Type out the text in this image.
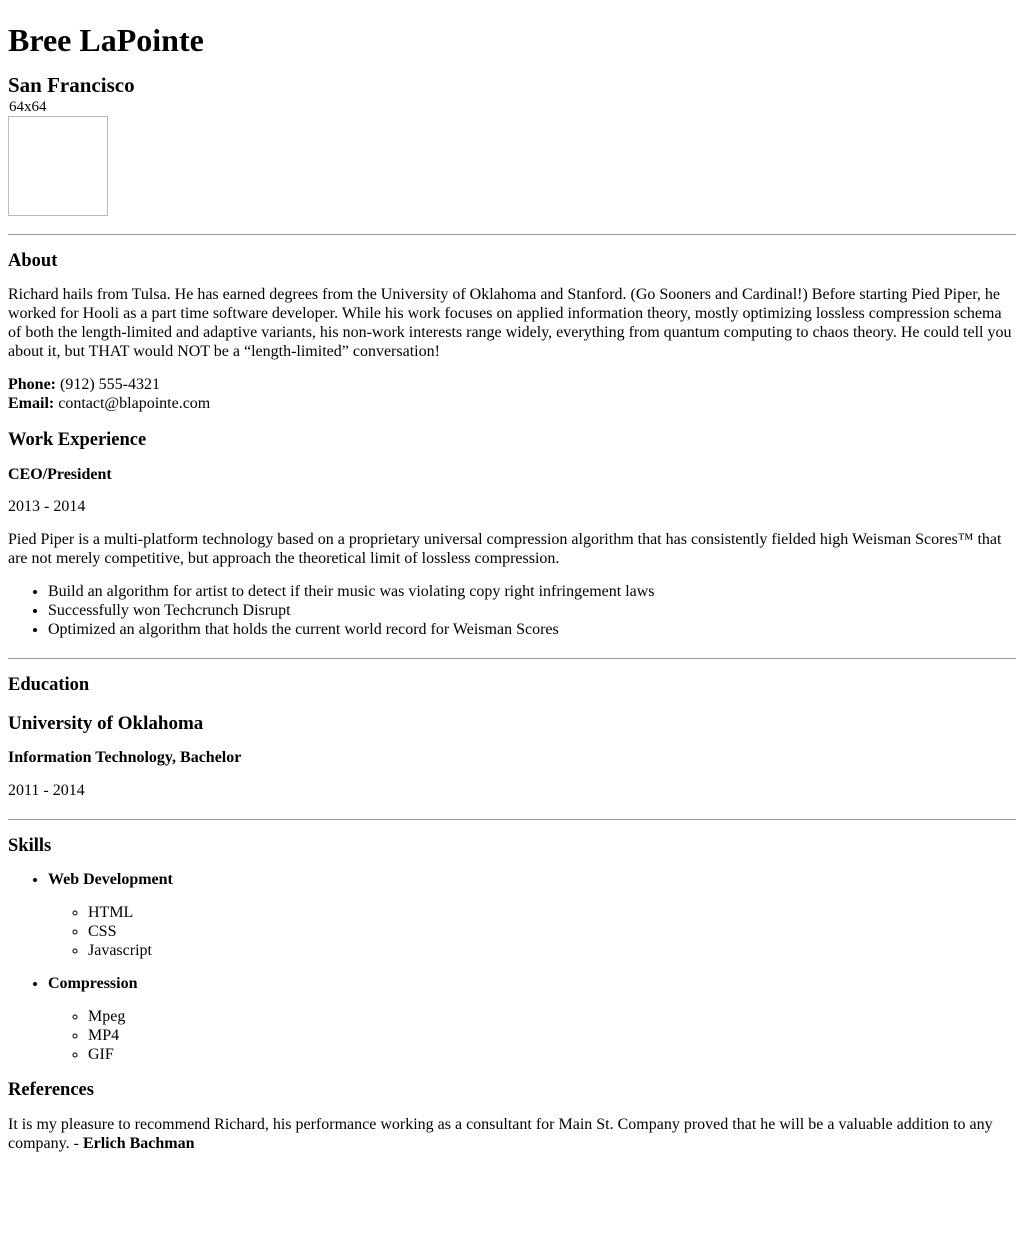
Bree LaPointe
San Francisco
64x64
About

Richard hails from Tulsa. He has earned degrees from the University of Oklahoma and Stanford. (Go Sooners and Cardinal!) Before starting Pied Piper, he worked for Hooli as a part time software developer. While his work focuses on applied information theory, mostly optimizing lossless compression schema of both the length-limited and adaptive variants, his non-work interests range widely, everything from quantum computing to chaos theory. He could tell you about it, but THAT would NOT be a “length-limited” conversation!

Phone: (912) 555-4321
Email: contact@blapointe.com
Work Experience
CEO/President

2013 - 2014

Pied Piper is a multi-platform technology based on a proprietary universal compression algorithm that has consistently fielded high Weisman Scores™ that are not merely competitive, but approach the theoretical limit of lossless compression.

• Build an algorithm for artist to detect if their music was violating copy right infringement laws
• Successfully won Techcrunch Disrupt
• Optimized an algorithm that holds the current world record for Weisman Scores
Education
University of Oklahoma
Information Technology, Bachelor

2011 - 2014

Skills
• Web Development
◦ HTML
◦ CSS
◦ Javascript
• Compression
◦ Mpeg
◦ MP4
◦ GIF
References

It is my pleasure to recommend Richard, his performance working as a consultant for Main St. Company proved that he will be a valuable addition to any company. - Erlich Bachman
